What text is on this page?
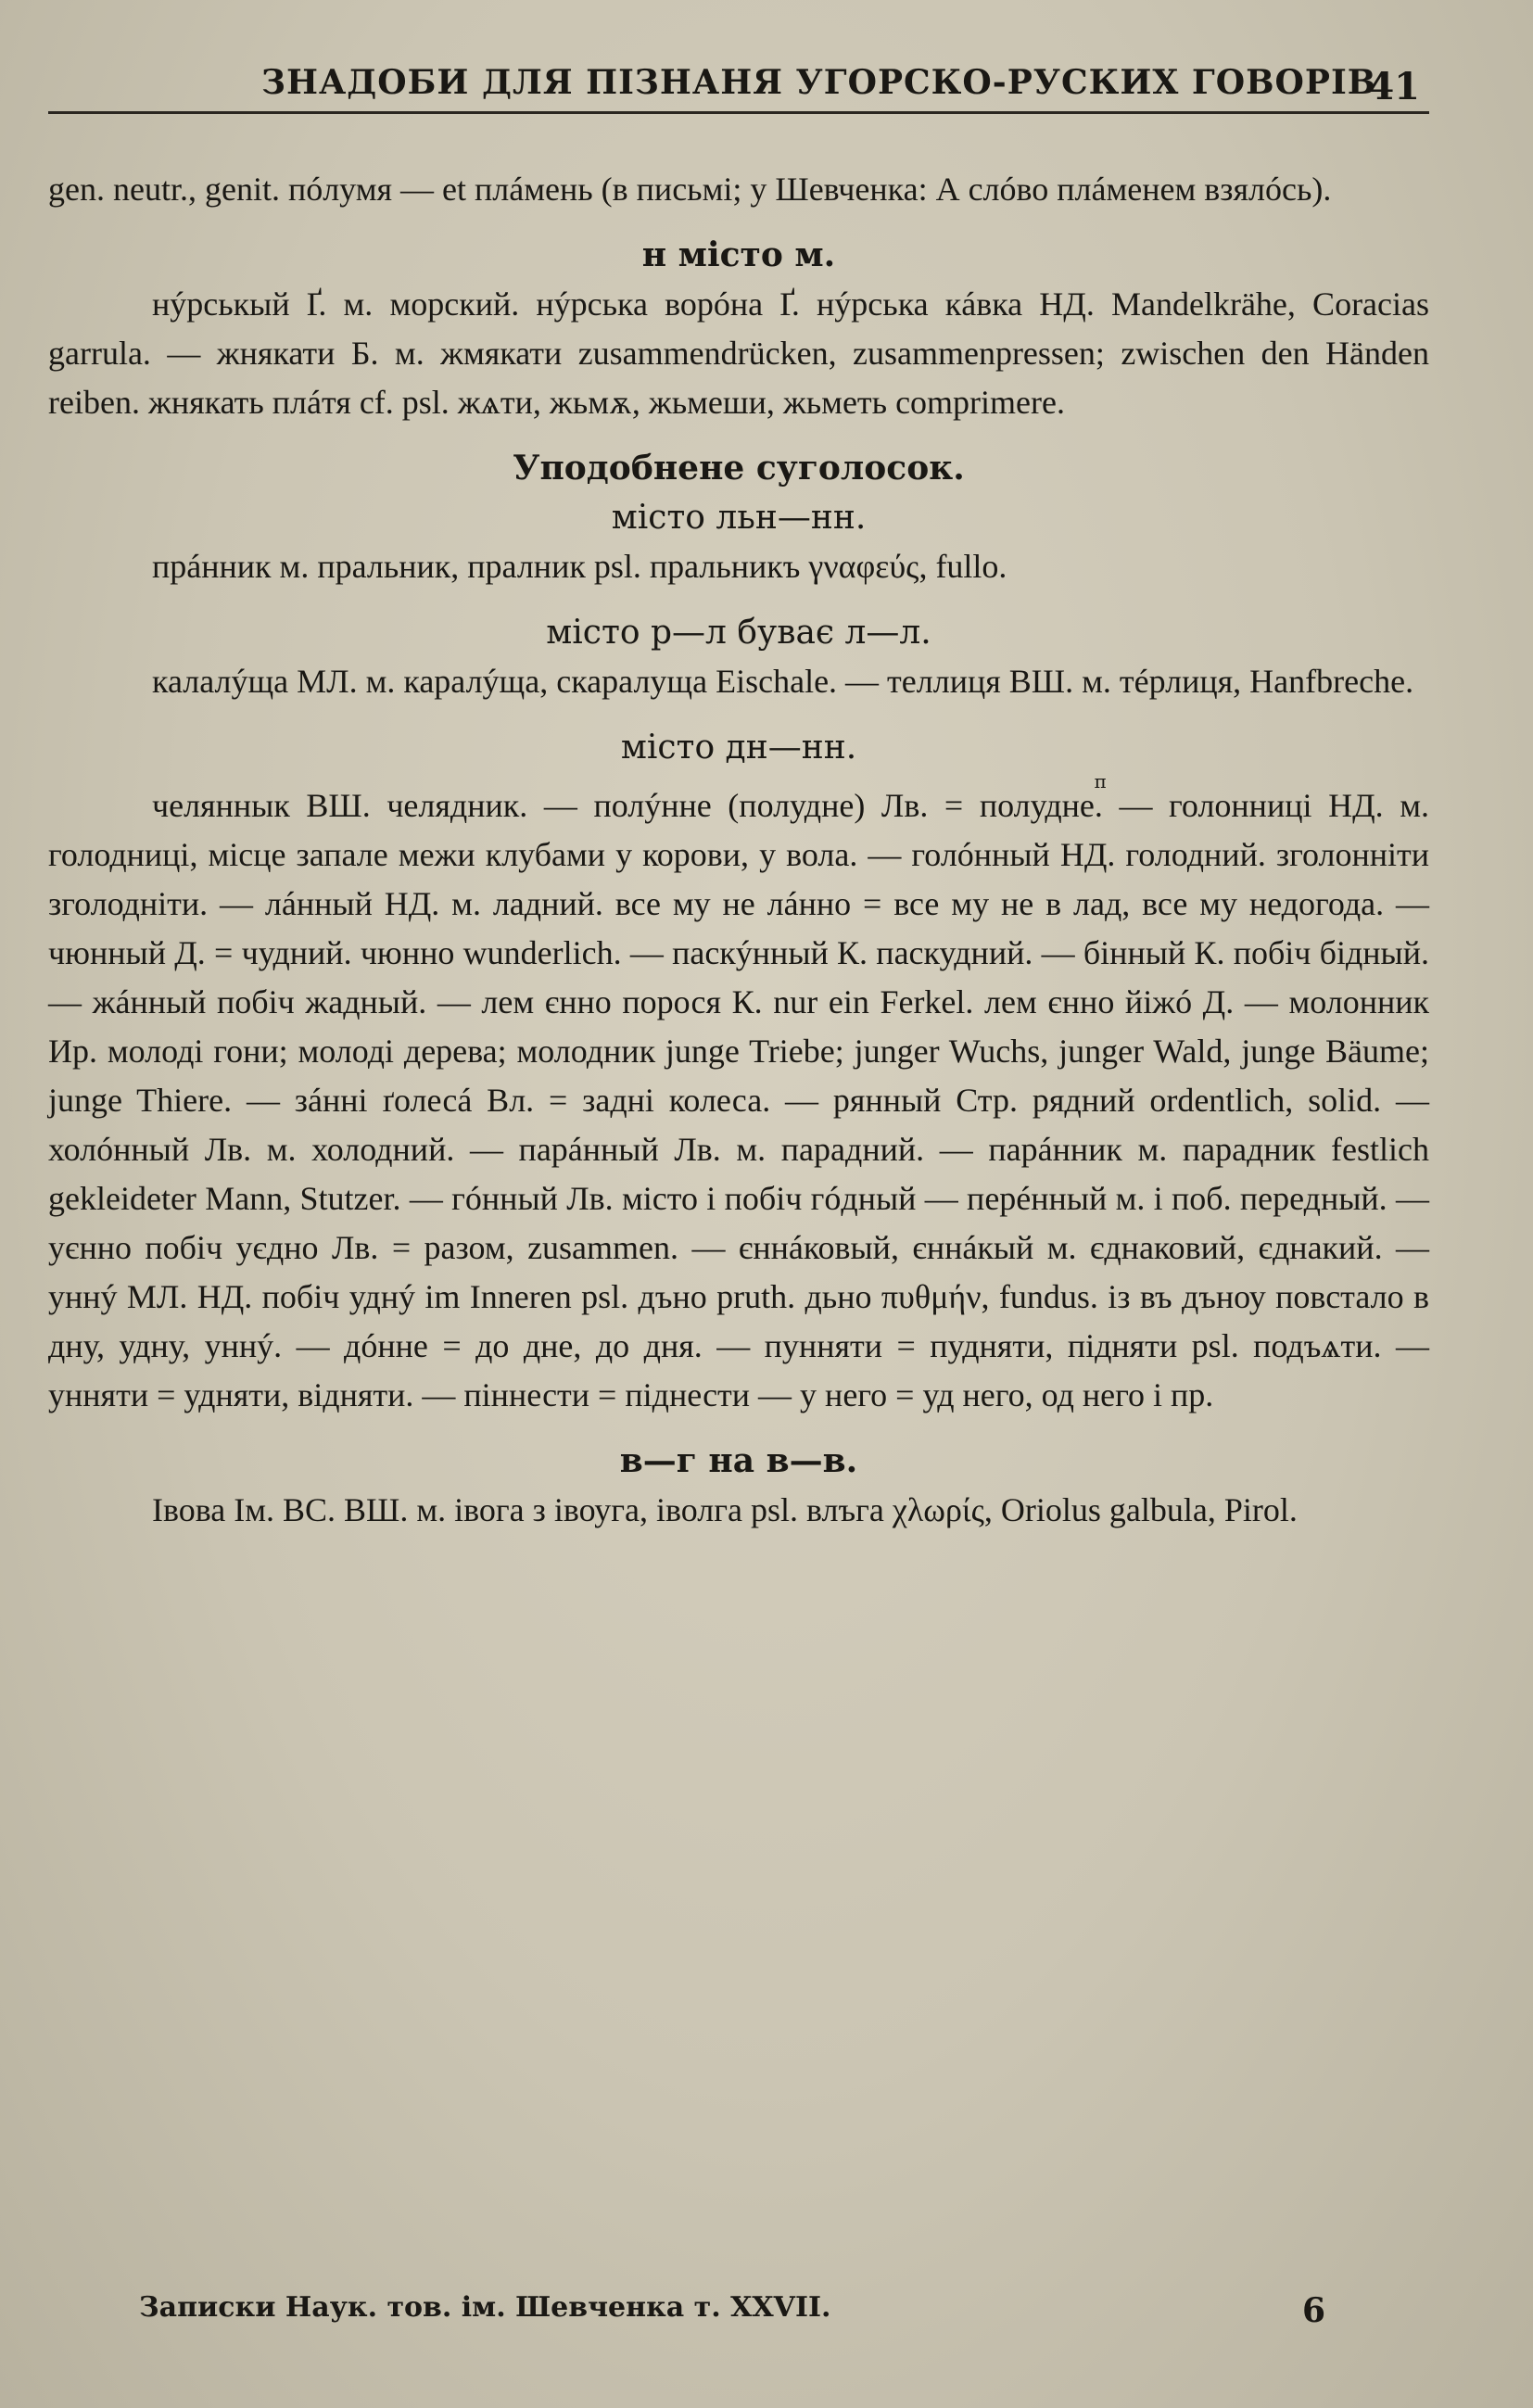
ЗНАДОБИ ДЛЯ ПІЗНАНЯ УГОРСКО-РУСКИХ ГОВОРІВ
41

gen. neutr., genit. пóлумя — et плáмень (в письмі; у Шевченка: А слóво плáменем взялóсь).

н місто м.

нýрськый Ґ. м. морский. нýрська ворóна Ґ. нýрська кáвка НД. Mandelkrähe, Coracias garrula. — жнякати Б. м. жмякати zusammendrücken, zusammenpressen; zwischen den Händen reiben. жнякать плáтя cf. psl. жѧти, жьмѫ, жьмеши, жьметь comprimere.

Уподобнене суголосок.

місто льн—нн.

прáнник м. пральник, пралник psl. пральникъ γναφεύς, fullo.

місто р—л буває л—л.

калалýща МЛ. м. каралýща, скаралуща Eischale. — теллиця ВШ. м. тéрлиця, Hanfbreche.

місто дн—нн.

п

челяннык ВШ. челядник. — полýнне (полудне) Лв. = полудне. — голонниці НД. м. голодниці, місце запале межи клубами у корови, у вола. — голóнный НД. голодний. зголонніти зголодніти. — лáнный НД. м. ладний. все му не лáнно = все му не в лад, все му недогода. — чюнный Д. = чудний. чюнно wunderlich. — паскýнный К. паскудний. — бінный К. побіч бідный. — жáнный побіч жадный. — лем єнно порося К. nur ein Ferkel. лем єнно йіжó Д. — молонник Ир. молоді гони; молоді дерева; молодник junge Triebe; junger Wuchs, junger Wald, junge Bäume; junge Thiere. — зáнні ґолесá Вл. = задні колеса. — рянный Стр. рядний ordentlich, solid. — холóнный Лв. м. холодний. — парáнный Лв. м. парадний. — парáнник м. парадник festlich gekleideter Mann, Stutzer. — гóнный Лв. місто і побіч гóдный — перéнный м. і поб. передный. — уєнно побіч уєдно Лв. = разом, zusammen. — єннáковый, єннáкый м. єднаковий, єднакий. — уннý МЛ. НД. побіч уднý im Inneren psl. дъно pruth. дьно πυθμήν, fundus. із въ дъноу повстало в дну, удну, уннý. — дóнне = до дне, до дня. — пунняти = пудняти, підняти psl. подъѧти. — унняти = удняти, відняти. — піннести = піднести — у него = уд него, од него і пр.

в—г на в—в.

Івова Ім. ВС. ВШ. м. івога з івоуга, іволга psl. влъга χλωρίς, Oriolus galbula, Pirol.

Записки Наук. тов. ім. Шевченка т. XXVII.	6
